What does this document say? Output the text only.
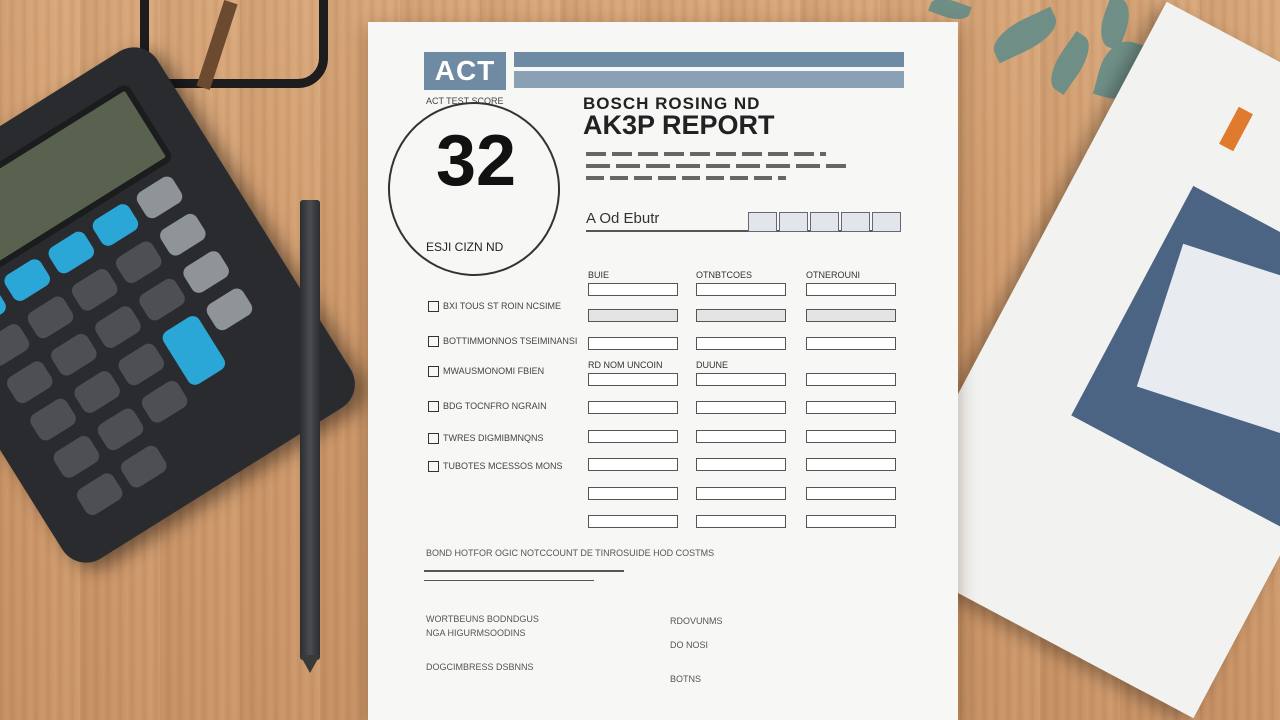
ACT
ACT TEST SCORE
32
ESJI CIZN ND
BOSCH ROSING ND
AK3P REPORT
A Od Ebutr
BXI TOUS ST ROIN NCSIME
BOTTIMMONNOS TSEIMINANSI
MWAUSMONOMI FBIEN
BDG TOCNFRO NGRAIN
TWRES DIGMIBMNQNS
TUBOTES MCESSOS MONS
BUIE	OTNBTCOES	OTNEROUNI
RD NOM UNCOIN	DUUNE
BOND HOTFOR OGIC NOTCCOUNT DE TINROSUIDE HOD COSTMS
WORTBEUNS BODNDGUS
NGA HIGURMSOODINS
DOGCIMBRESS DSBNNS
RDOVUNMS
DO NOSI
BOTNS
